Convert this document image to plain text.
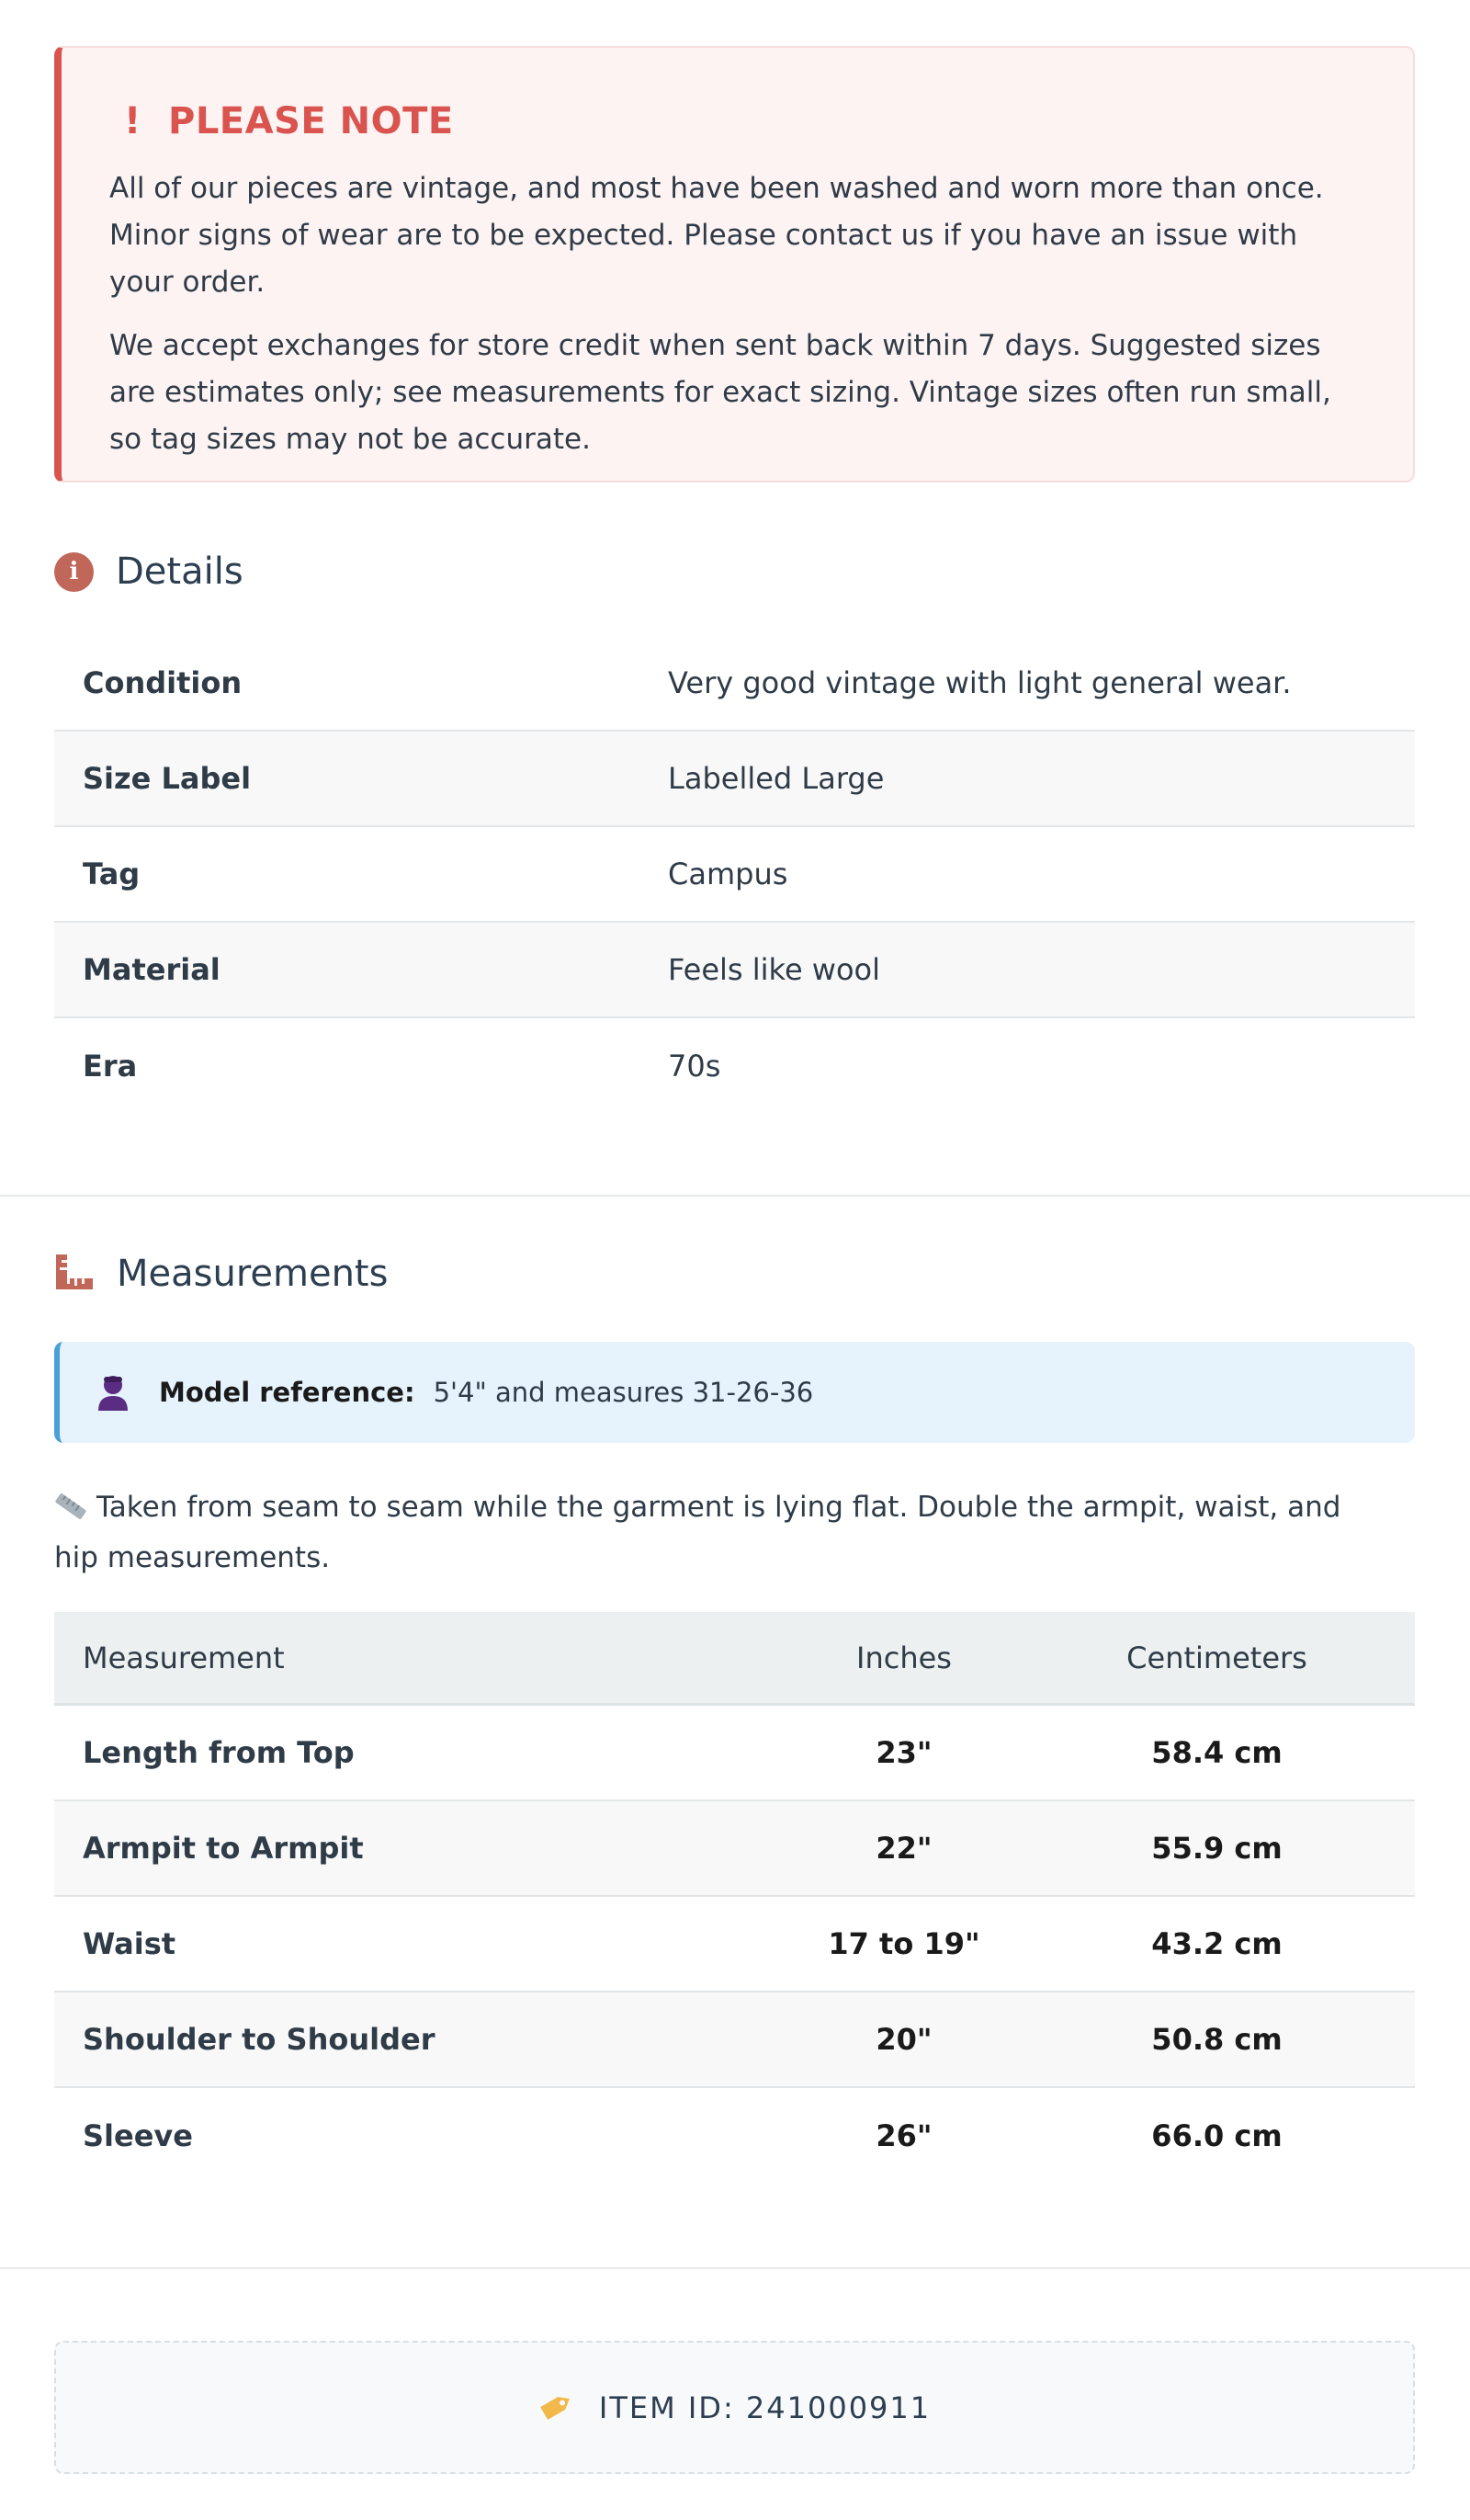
! PLEASE NOTE

All of our pieces are vintage, and most have been washed and worn more than once. Minor signs of wear are to be expected. Please contact us if you have an issue with your order.

We accept exchanges for store credit when sent back within 7 days. Suggested sizes are estimates only; see measurements for exact sizing. Vintage sizes often run small, so tag sizes may not be accurate.

i	Details
Condition	Very good vintage with light general wear.
Size Label	Labelled Large
Tag	Campus
Material	Feels like wool
Era	70s
Measurements
Model reference: 5'4" and measures 31-26-36
Taken from seam to seam while the garment is lying flat. Double the armpit, waist, and hip measurements.
Measurement	Inches	Centimeters
Length from Top	23"	58.4 cm
Armpit to Armpit	22"	55.9 cm
Waist	17 to 19"	43.2 cm
Shoulder to Shoulder	20"	50.8 cm
Sleeve	26"	66.0 cm
ITEM ID: 241000911
